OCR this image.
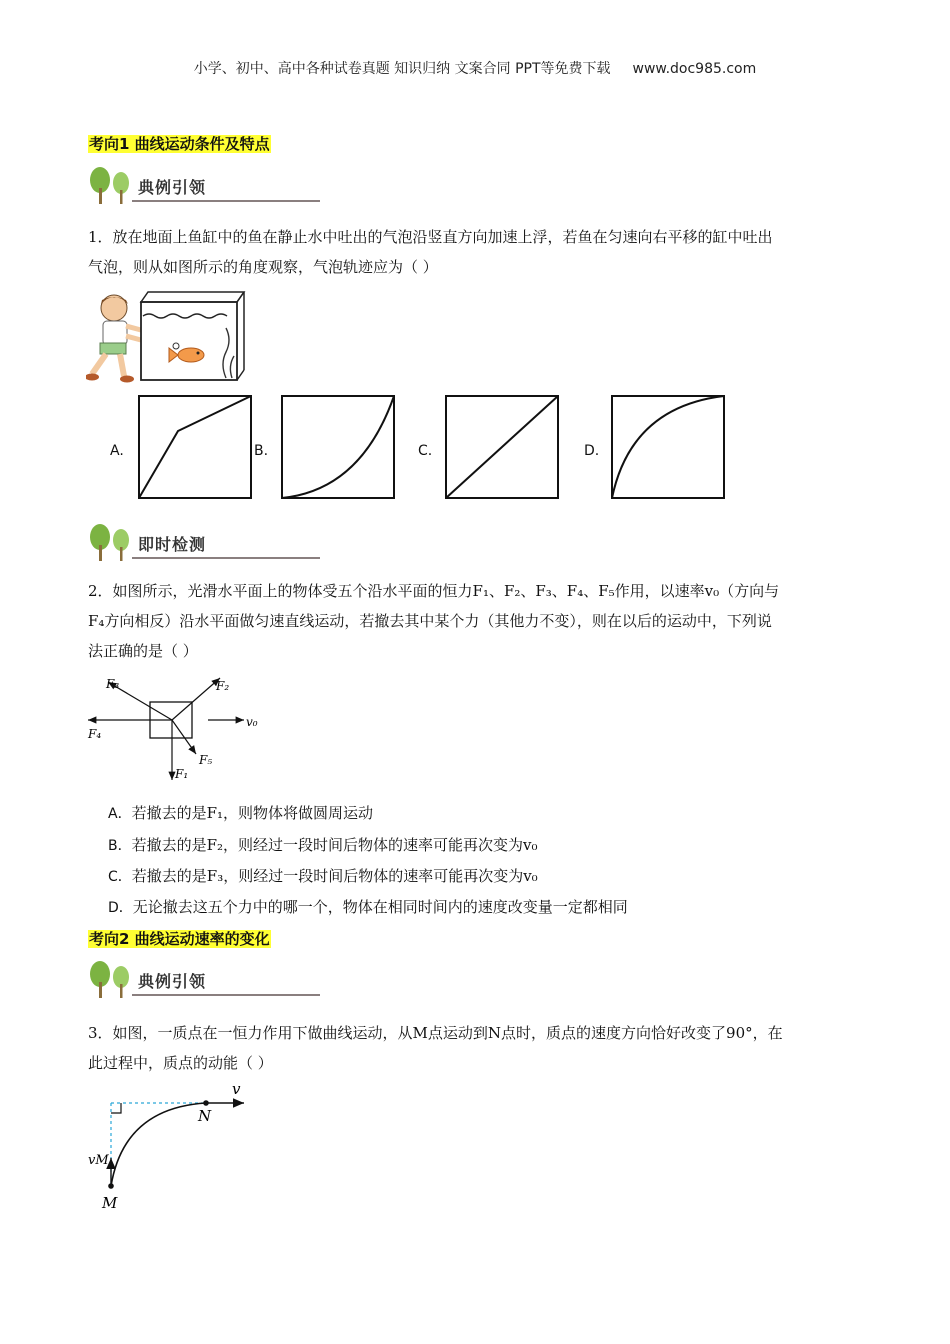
小学、初中、高中各种试卷真题 知识归纳 文案合同 PPT等免费下载 www.doc985.com
考向1 曲线运动条件及特点
典例引领
1．放在地面上鱼缸中的鱼在静止水中吐出的气泡沿竖直方向加速上浮，若鱼在匀速向右平移的缸中吐出
气泡，则从如图所示的角度观察，气泡轨迹应为（ ）
A.	B.	C.	D.
即时检测
2．如图所示，光滑水平面上的物体受五个沿水平面的恒力F₁、F₂、F₃、F₄、F₅作用，以速率v₀（方向与
F₄方向相反）沿水平面做匀速直线运动，若撤去其中某个力（其他力不变），则在以后的运动中，下列说
法正确的是（ ）
F₃	F₂
F₄
v₀
F₅
F₁
A．若撤去的是F₁，则物体将做圆周运动
B．若撤去的是F₂，则经过一段时间后物体的速率可能再次变为v₀
C．若撤去的是F₃，则经过一段时间后物体的速率可能再次变为v₀
D．无论撤去这五个力中的哪一个，物体在相同时间内的速度改变量一定都相同
考向2 曲线运动速率的变化
典例引领
3．如图，一质点在一恒力作用下做曲线运动，从M点运动到N点时，质点的速度方向恰好改变了90°，在
此过程中，质点的动能（ ）
v
N
vM
M
